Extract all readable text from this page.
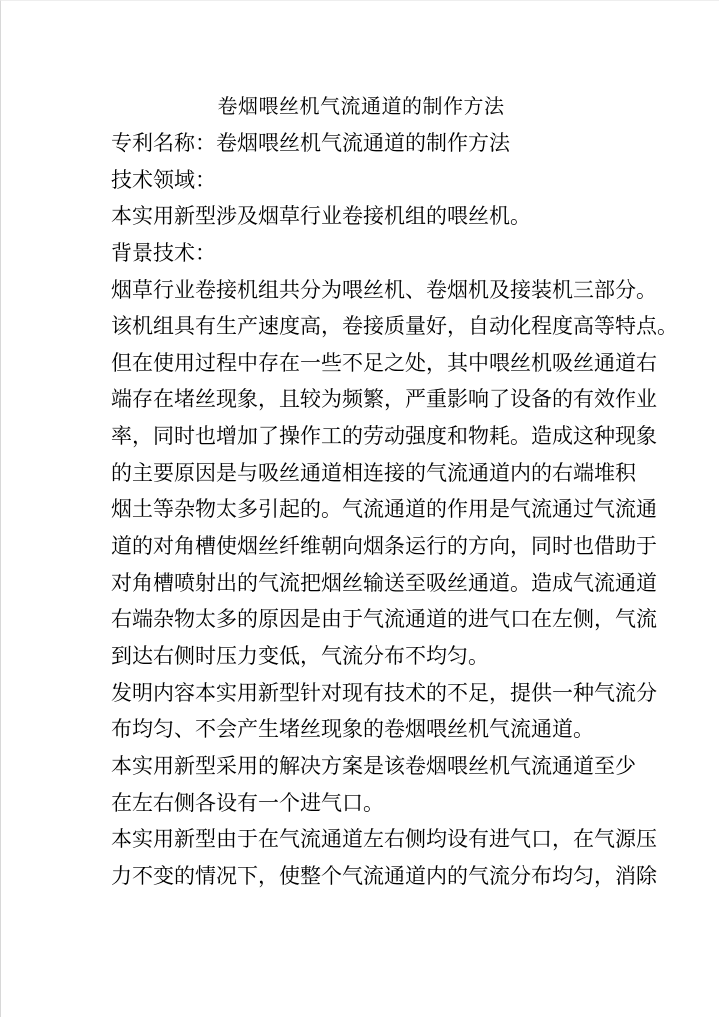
卷烟喂丝机气流通道的制作方法
专利名称：卷烟喂丝机气流通道的制作方法
技术领域：
本实用新型涉及烟草行业卷接机组的喂丝机。
背景技术：
烟草行业卷接机组共分为喂丝机、卷烟机及接装机三部分。
该机组具有生产速度高，卷接质量好，自动化程度高等特点。
但在使用过程中存在一些不足之处，其中喂丝机吸丝通道右
端存在堵丝现象，且较为频繁，严重影响了设备的有效作业
率，同时也增加了操作工的劳动强度和物耗。造成这种现象
的主要原因是与吸丝通道相连接的气流通道内的右端堆积
烟土等杂物太多引起的。气流通道的作用是气流通过气流通
道的对角槽使烟丝纤维朝向烟条运行的方向，同时也借助于
对角槽喷射出的气流把烟丝输送至吸丝通道。造成气流通道
右端杂物太多的原因是由于气流通道的进气口在左侧，气流
到达右侧时压力变低，气流分布不均匀。
发明内容本实用新型针对现有技术的不足，提供一种气流分
布均匀、不会产生堵丝现象的卷烟喂丝机气流通道。
本实用新型采用的解决方案是该卷烟喂丝机气流通道至少
在左右侧各设有一个进气口。
本实用新型由于在气流通道左右侧均设有进气口，在气源压
力不变的情况下，使整个气流通道内的气流分布均匀，消除
